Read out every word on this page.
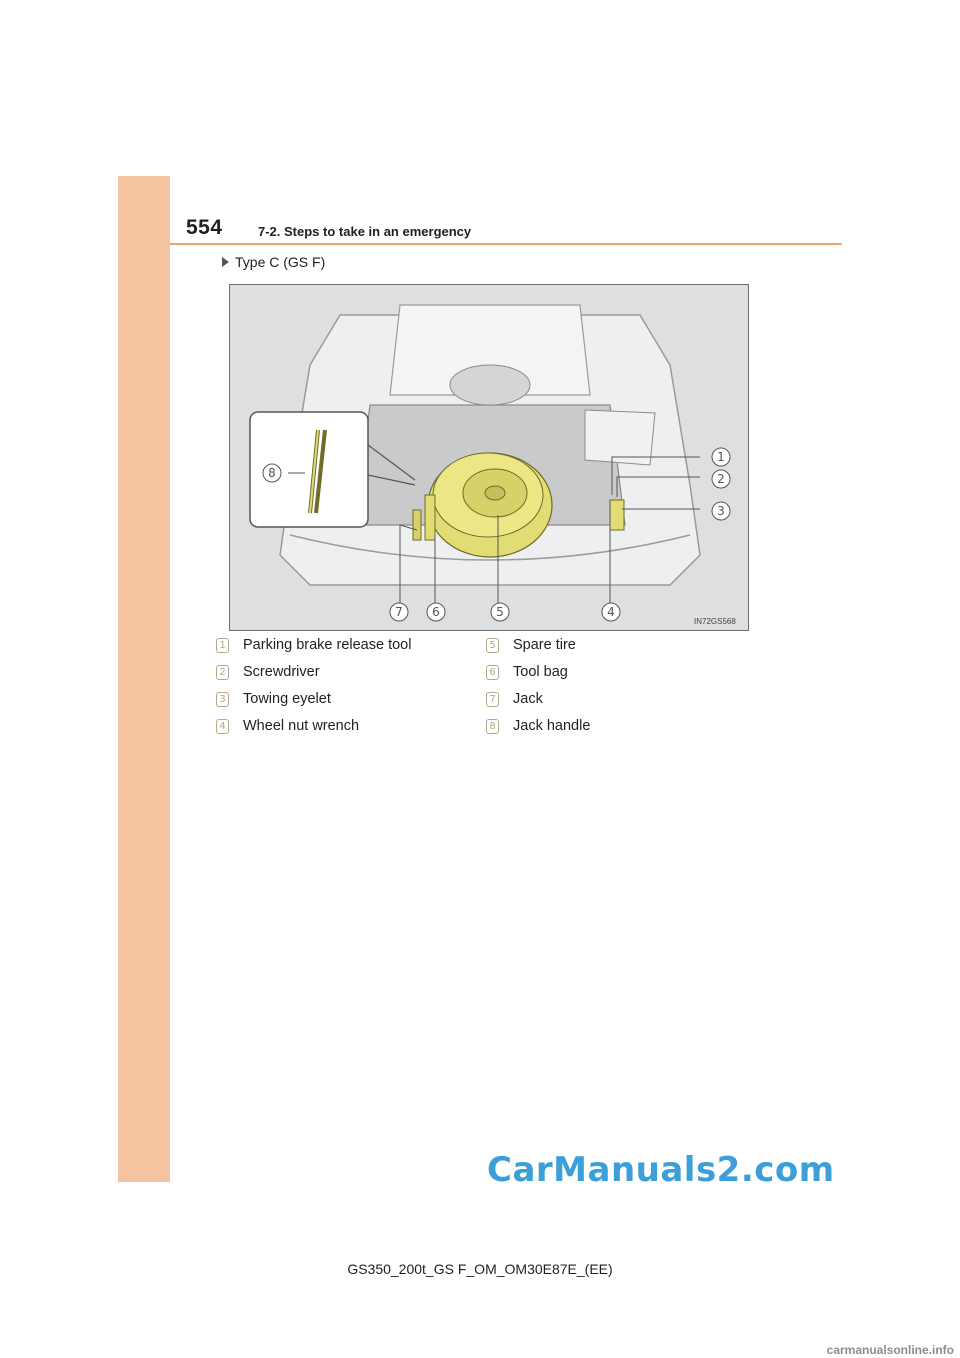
554	7-2. Steps to take in an emergency
Type C (GS F)
1
2
3
4
5
6
7
8
IN72GS568
1 Parking brake release tool	5 Spare tire
2 Screwdriver	6 Tool bag
3 Towing eyelet	7 Jack
4 Wheel nut wrench	8 Jack handle
CarManuals2.com
GS350_200t_GS F_OM_OM30E87E_(EE)
carmanualsonline.info
